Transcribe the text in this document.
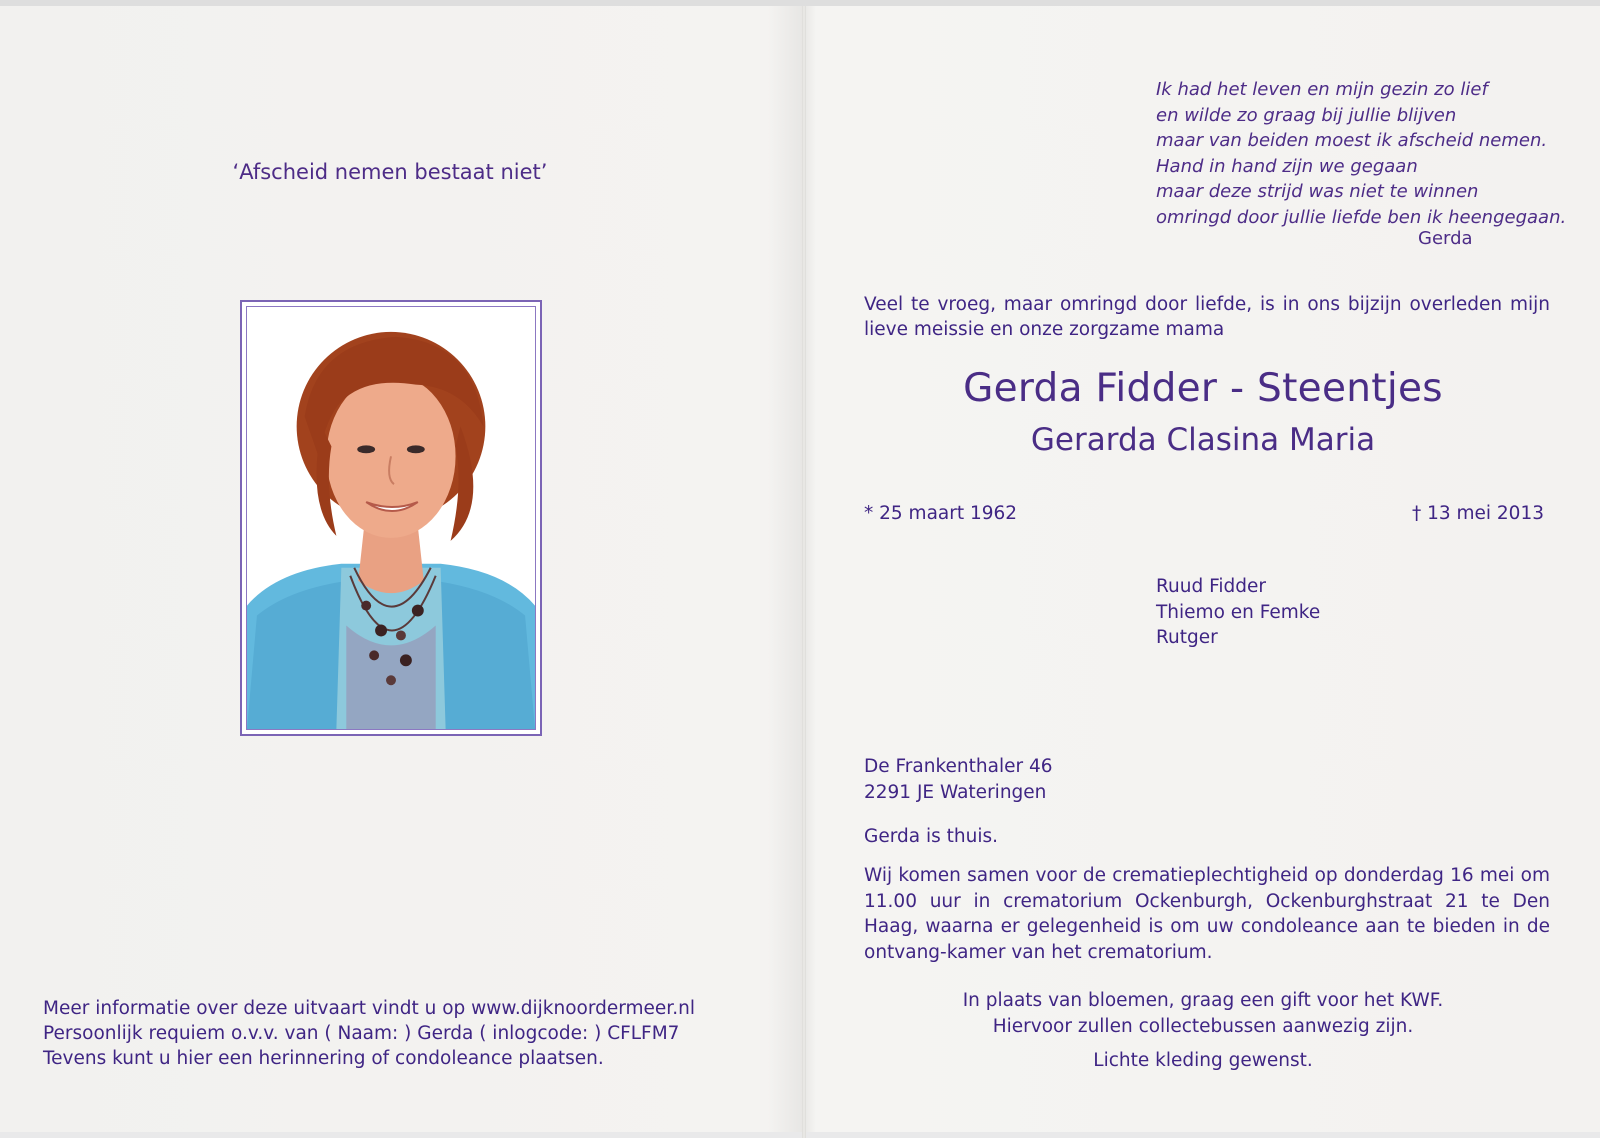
‘Afscheid nemen bestaat niet’
Meer informatie over deze uitvaart vindt u op www.dijknoordermeer.nl
Persoonlijk requiem o.v.v. van ( Naam: ) Gerda ( inlogcode: ) CFLFM7
Tevens kunt u hier een herinnering of condoleance plaatsen.
Ik had het leven en mijn gezin zo lief
en wilde zo graag bij jullie blijven
maar van beiden moest ik afscheid nemen.
Hand in hand zijn we gegaan
maar deze strijd was niet te winnen
omringd door jullie liefde ben ik heengegaan.
Gerda
Veel te vroeg, maar omringd door liefde, is in ons bijzijn overleden mijn lieve meissie en onze zorgzame mama
Gerda Fidder - Steentjes
Gerarda Clasina Maria
* 25 maart 1962	† 13 mei 2013
Ruud Fidder
Thiemo en Femke
Rutger
De Frankenthaler 46
2291 JE Wateringen
Gerda is thuis.
Wij komen samen voor de crematieplechtigheid op donderdag 16 mei om 11.00 uur in crematorium Ockenburgh, Ockenburghstraat 21 te Den Haag, waarna er gelegenheid is om uw condoleance aan te bieden in de ontvang-kamer van het crematorium.
In plaats van bloemen, graag een gift voor het KWF.
Hiervoor zullen collectebussen aanwezig zijn.
Lichte kleding gewenst.
